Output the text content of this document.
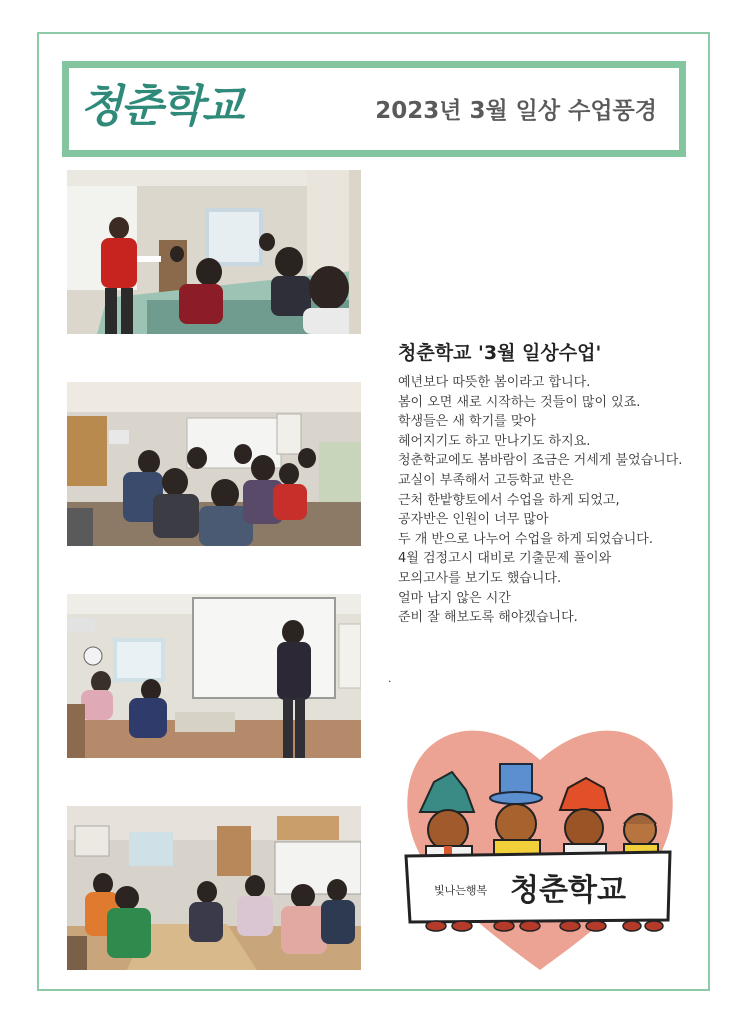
청춘학교	2023년 3월 일상 수업풍경
청춘학교 '3월 일상수업'
예년보다 따뜻한 봄이라고 합니다.
봄이 오면 새로 시작하는 것들이 많이 있죠.
학생들은 새 학기를 맞아
헤어지기도 하고 만나기도 하지요.
청춘학교에도 봄바람이 조금은 거세게 불었습니다.
교실이 부족해서 고등학교 반은
근처 한밭향토에서 수업을 하게 되었고,
공자반은 인원이 너무 많아
두 개 반으로 나누어 수업을 하게 되었습니다.
4월 검정고시 대비로 기출문제 풀이와
모의고사를 보기도 했습니다.
얼마 남지 않은 시간
준비 잘 해보도록 해야겠습니다.
.
빛나는행복 청춘학교
